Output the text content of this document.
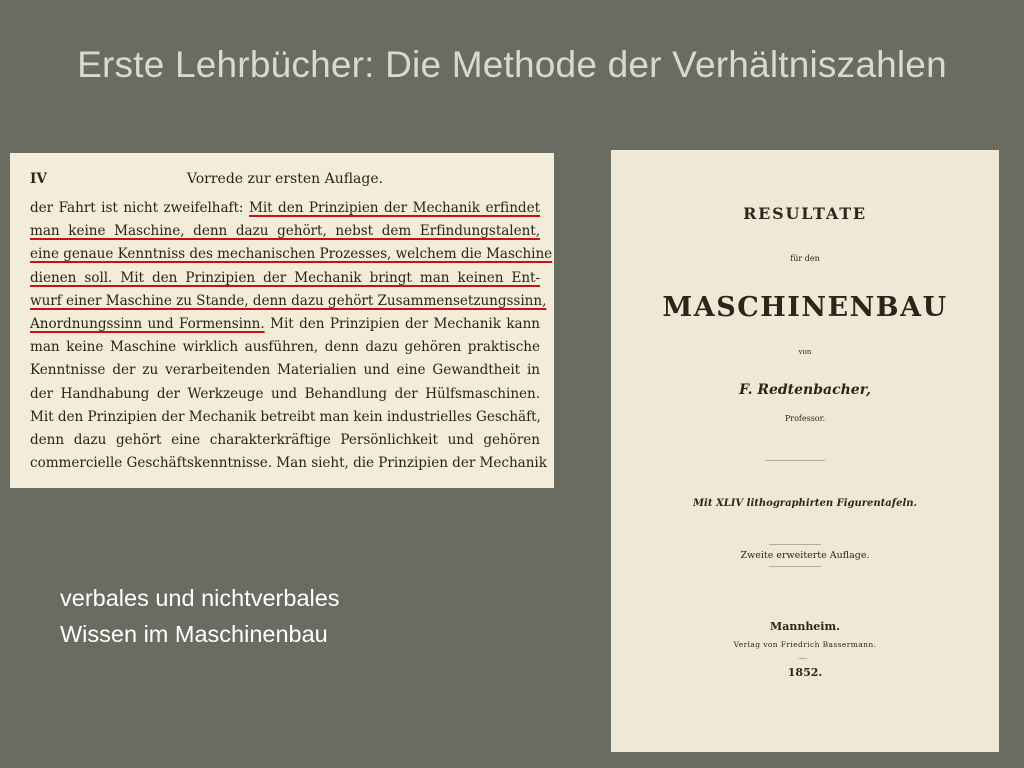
Erste Lehrbücher: Die Methode der Verhältniszahlen
IV	Vorrede zur ersten Auflage.
der Fahrt ist nicht zweifelhaft: Mit den Prinzipien der Mechanik erfindet
man keine Maschine, denn dazu gehört, nebst dem Erfindungstalent,
eine genaue Kenntniss des mechanischen Prozesses, welchem die Maschine
dienen soll. Mit den Prinzipien der Mechanik bringt man keinen Ent-
wurf einer Maschine zu Stande, denn dazu gehört Zusammensetzungssinn,
Anordnungssinn und Formensinn. Mit den Prinzipien der Mechanik kann
man keine Maschine wirklich ausführen, denn dazu gehören praktische
Kenntnisse der zu verarbeitenden Materialien und eine Gewandtheit in
der Handhabung der Werkzeuge und Behandlung der Hülfsmaschinen.
Mit den Prinzipien der Mechanik betreibt man kein industrielles Geschäft,
denn dazu gehört eine charakterkräftige Persönlichkeit und gehören
commercielle Geschäftskenntnisse. Man sieht, die Prinzipien der Mechanik
verbales und nichtverbales
Wissen im Maschinenbau
RESULTATE
für den
MASCHINENBAU
von
F. Redtenbacher,
Professor.
Mit XLIV lithographirten Figurentafeln.
Zweite erweiterte Auflage.
Mannheim.
Verlag von Friedrich Bassermann.
1852.
